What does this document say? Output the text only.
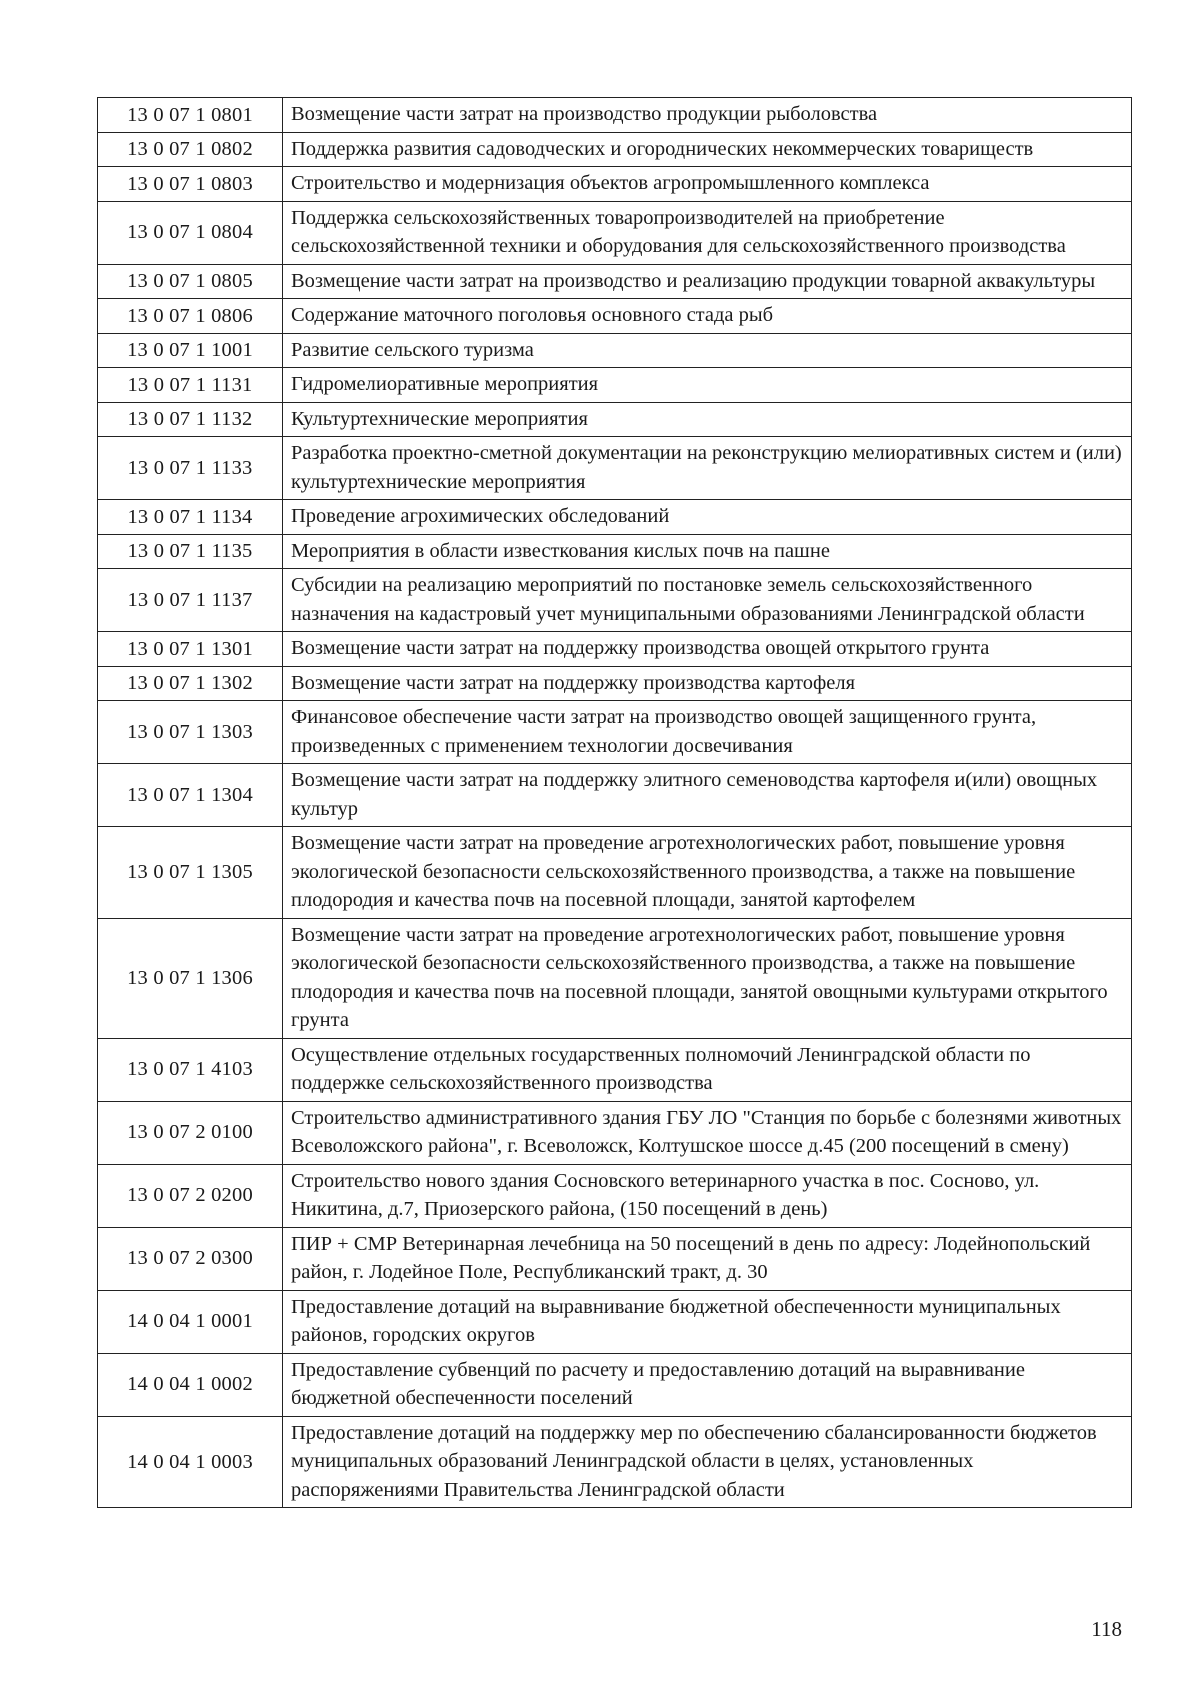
13 0 07 1 0801	Возмещение части затрат на производство продукции рыболовства
13 0 07 1 0802	Поддержка развития садоводческих и огороднических некоммерческих товариществ
13 0 07 1 0803	Строительство и модернизация объектов агропромышленного комплекса
13 0 07 1 0804	Поддержка сельскохозяйственных товаропроизводителей на приобретение сельскохозяйственной техники и оборудования для сельскохозяйственного производства
13 0 07 1 0805	Возмещение части затрат на производство и реализацию продукции товарной аквакультуры
13 0 07 1 0806	Содержание маточного поголовья основного стада рыб
13 0 07 1 1001	Развитие сельского туризма
13 0 07 1 1131	Гидромелиоративные мероприятия
13 0 07 1 1132	Культуртехнические мероприятия
13 0 07 1 1133	Разработка проектно-сметной документации на реконструкцию мелиоративных систем и (или) культуртехнические мероприятия
13 0 07 1 1134	Проведение агрохимических обследований
13 0 07 1 1135	Мероприятия в области известкования кислых почв на пашне
13 0 07 1 1137	Субсидии на реализацию мероприятий по постановке земель сельскохозяйственного назначения на кадастровый учет муниципальными образованиями Ленинградской области
13 0 07 1 1301	Возмещение части затрат на поддержку производства овощей открытого грунта
13 0 07 1 1302	Возмещение части затрат на поддержку производства картофеля
13 0 07 1 1303	Финансовое обеспечение части затрат на производство овощей защищенного грунта, произведенных с применением технологии досвечивания
13 0 07 1 1304	Возмещение части затрат на поддержку элитного семеноводства картофеля и(или) овощных культур
13 0 07 1 1305	Возмещение части затрат на проведение агротехнологических работ, повышение уровня экологической безопасности сельскохозяйственного производства, а также на повышение плодородия и качества почв на посевной площади, занятой картофелем
13 0 07 1 1306	Возмещение части затрат на проведение агротехнологических работ, повышение уровня экологической безопасности сельскохозяйственного производства, а также на повышение плодородия и качества почв на посевной площади, занятой овощными культурами открытого грунта
13 0 07 1 4103	Осуществление отдельных государственных полномочий Ленинградской области по поддержке сельскохозяйственного производства
13 0 07 2 0100	Строительство административного здания ГБУ ЛО "Станция по борьбе с болезнями животных Всеволожского района", г. Всеволожск, Колтушское шоссе д.45 (200 посещений в смену)
13 0 07 2 0200	Строительство нового здания Сосновского ветеринарного участка в пос. Сосново, ул. Никитина, д.7, Приозерского района, (150 посещений в день)
13 0 07 2 0300	ПИР + СМР Ветеринарная лечебница на 50 посещений в день по адресу: Лодейнопольский район, г. Лодейное Поле, Республиканский тракт, д. 30
14 0 04 1 0001	Предоставление дотаций на выравнивание бюджетной обеспеченности муниципальных районов, городских округов
14 0 04 1 0002	Предоставление субвенций по расчету и предоставлению дотаций на выравнивание бюджетной обеспеченности поселений
14 0 04 1 0003	Предоставление дотаций на поддержку мер по обеспечению сбалансированности бюджетов муниципальных образований Ленинградской области в целях, установленных распоряжениями Правительства Ленинградской области
118
